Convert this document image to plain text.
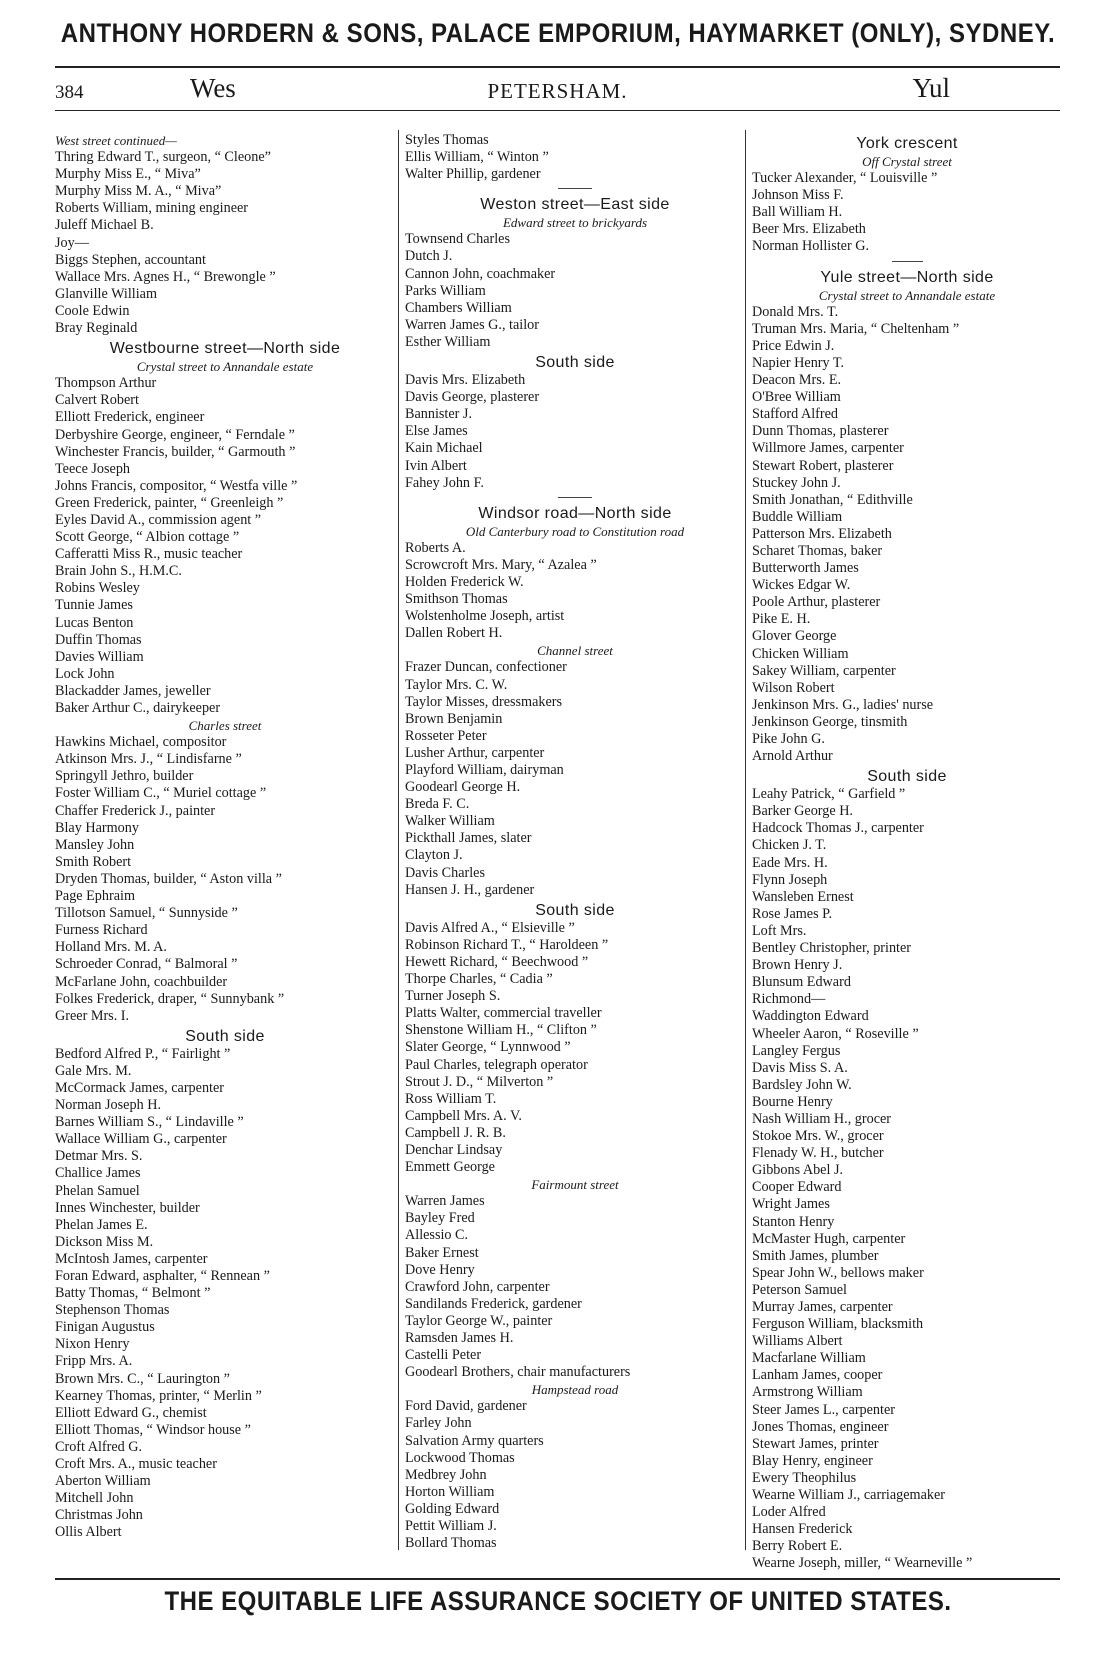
ANTHONY HORDERN & SONS, PALACE EMPORIUM, HAYMARKET (ONLY), SYDNEY.
384	Wes	PETERSHAM.	Yul
West street continued—
Thring Edward T., surgeon, “ Cleone”
Murphy Miss E., “ Miva”
Murphy Miss M. A., “ Miva”
Roberts William, mining engineer
Juleff Michael B.
Joy—
Biggs Stephen, accountant
Wallace Mrs. Agnes H., “ Brewongle ”
Glanville William
Coole Edwin
Bray Reginald
Westbourne street—North side
Crystal street to Annandale estate
Thompson Arthur
Calvert Robert
Elliott Frederick, engineer
Derbyshire George, engineer, “ Ferndale ”
Winchester Francis, builder, “ Garmouth ”
Teece Joseph
Johns Francis, compositor, “ Westfa ville ”
Green Frederick, painter, “ Greenleigh ”
Eyles David A., commission agent ”
Scott George, “ Albion cottage ”
Cafferatti Miss R., music teacher
Brain John S., H.M.C.
Robins Wesley
Tunnie James
Lucas Benton
Duffin Thomas
Davies William
Lock John
Blackadder James, jeweller
Baker Arthur C., dairykeeper
Charles street
Hawkins Michael, compositor
Atkinson Mrs. J., “ Lindisfarne ”
Springyll Jethro, builder
Foster William C., “ Muriel cottage ”
Chaffer Frederick J., painter
Blay Harmony
Mansley John
Smith Robert
Dryden Thomas, builder, “ Aston villa ”
Page Ephraim
Tillotson Samuel, “ Sunnyside ”
Furness Richard
Holland Mrs. M. A.
Schroeder Conrad, “ Balmoral ”
McFarlane John, coachbuilder
Folkes Frederick, draper, “ Sunnybank ”
Greer Mrs. I.
South side
Bedford Alfred P., “ Fairlight ”
Gale Mrs. M.
McCormack James, carpenter
Norman Joseph H.
Barnes William S., “ Lindaville ”
Wallace William G., carpenter
Detmar Mrs. S.
Challice James
Phelan Samuel
Innes Winchester, builder
Phelan James E.
Dickson Miss M.
McIntosh James, carpenter
Foran Edward, asphalter, “ Rennean ”
Batty Thomas, “ Belmont ”
Stephenson Thomas
Finigan Augustus
Nixon Henry
Fripp Mrs. A.
Brown Mrs. C., “ Laurington ”
Kearney Thomas, printer, “ Merlin ”
Elliott Edward G., chemist
Elliott Thomas, “ Windsor house ”
Croft Alfred G.
Croft Mrs. A., music teacher
Aberton William
Mitchell John
Christmas John
Ollis Albert
Styles Thomas
Ellis William, “ Winton ”
Walter Phillip, gardener
Weston street—East side
Edward street to brickyards
Townsend Charles
Dutch J.
Cannon John, coachmaker
Parks William
Chambers William
Warren James G., tailor
Esther William
South side
Davis Mrs. Elizabeth
Davis George, plasterer
Bannister J.
Else James
Kain Michael
Ivin Albert
Fahey John F.
Windsor road—North side
Old Canterbury road to Constitution road
Roberts A.
Scrowcroft Mrs. Mary, “ Azalea ”
Holden Frederick W.
Smithson Thomas
Wolstenholme Joseph, artist
Dallen Robert H.
Channel street
Frazer Duncan, confectioner
Taylor Mrs. C. W.
Taylor Misses, dressmakers
Brown Benjamin
Rosseter Peter
Lusher Arthur, carpenter
Playford William, dairyman
Goodearl George H.
Breda F. C.
Walker William
Pickthall James, slater
Clayton J.
Davis Charles
Hansen J. H., gardener
South side
Davis Alfred A., “ Elsieville ”
Robinson Richard T., “ Haroldeen ”
Hewett Richard, “ Beechwood ”
Thorpe Charles, “ Cadia ”
Turner Joseph S.
Platts Walter, commercial traveller
Shenstone William H., “ Clifton ”
Slater George, “ Lynnwood ”
Paul Charles, telegraph operator
Strout J. D., “ Milverton ”
Ross William T.
Campbell Mrs. A. V.
Campbell J. R. B.
Denchar Lindsay
Emmett George
Fairmount street
Warren James
Bayley Fred
Allessio C.
Baker Ernest
Dove Henry
Crawford John, carpenter
Sandilands Frederick, gardener
Taylor George W., painter
Ramsden James H.
Castelli Peter
Goodearl Brothers, chair manufacturers
Hampstead road
Ford David, gardener
Farley John
Salvation Army quarters
Lockwood Thomas
Medbrey John
Horton William
Golding Edward
Pettit William J.
Bollard Thomas
York crescent
Off Crystal street
Tucker Alexander, “ Louisville ”
Johnson Miss F.
Ball William H.
Beer Mrs. Elizabeth
Norman Hollister G.
Yule street—North side
Crystal street to Annandale estate
Donald Mrs. T.
Truman Mrs. Maria, “ Cheltenham ”
Price Edwin J.
Napier Henry T.
Deacon Mrs. E.
O'Bree William
Stafford Alfred
Dunn Thomas, plasterer
Willmore James, carpenter
Stewart Robert, plasterer
Stuckey John J.
Smith Jonathan, “ Edithville
Buddle William
Patterson Mrs. Elizabeth
Scharet Thomas, baker
Butterworth James
Wickes Edgar W.
Poole Arthur, plasterer
Pike E. H.
Glover George
Chicken William
Sakey William, carpenter
Wilson Robert
Jenkinson Mrs. G., ladies' nurse
Jenkinson George, tinsmith
Pike John G.
Arnold Arthur
South side
Leahy Patrick, “ Garfield ”
Barker George H.
Hadcock Thomas J., carpenter
Chicken J. T.
Eade Mrs. H.
Flynn Joseph
Wansleben Ernest
Rose James P.
Loft Mrs.
Bentley Christopher, printer
Brown Henry J.
Blunsum Edward
Richmond—
Waddington Edward
Wheeler Aaron, “ Roseville ”
Langley Fergus
Davis Miss S. A.
Bardsley John W.
Bourne Henry
Nash William H., grocer
Stokoe Mrs. W., grocer
Flenady W. H., butcher
Gibbons Abel J.
Cooper Edward
Wright James
Stanton Henry
McMaster Hugh, carpenter
Smith James, plumber
Spear John W., bellows maker
Peterson Samuel
Murray James, carpenter
Ferguson William, blacksmith
Williams Albert
Macfarlane William
Lanham James, cooper
Armstrong William
Steer James L., carpenter
Jones Thomas, engineer
Stewart James, printer
Blay Henry, engineer
Ewery Theophilus
Wearne William J., carriagemaker
Loder Alfred
Hansen Frederick
Berry Robert E.
Wearne Joseph, miller, “ Wearneville ”
THE EQUITABLE LIFE ASSURANCE SOCIETY OF UNITED STATES.
